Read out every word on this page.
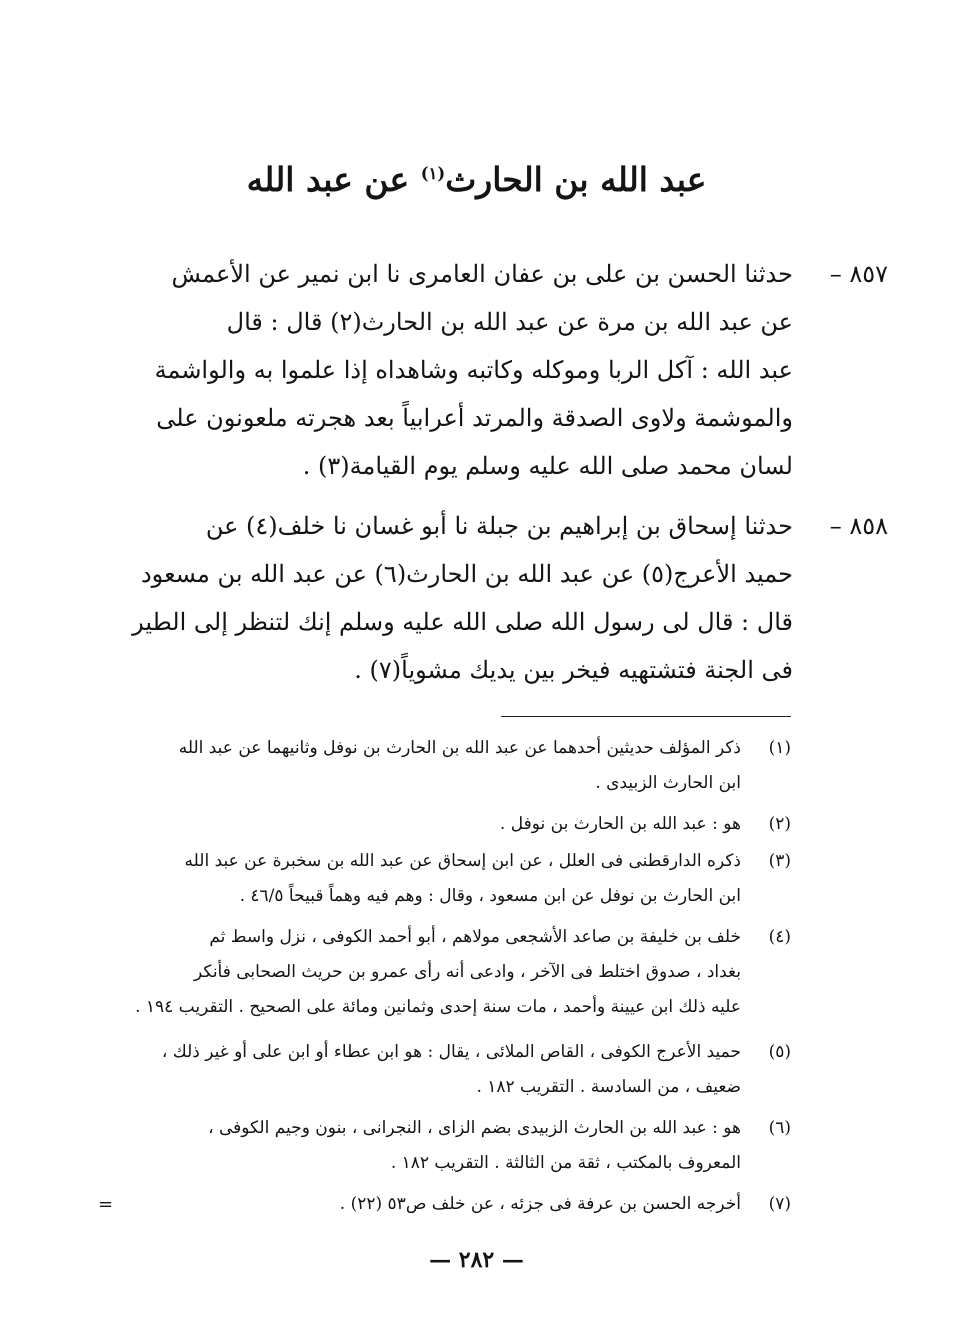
عبد الله بن الحارث$^{(١)}$ عن عبد الله
٨٥٧ –
حدثنا الحسن بن على بن عفان العامرى نا ابن نمير عن الأعمش
عن عبد الله بن مرة عن عبد الله بن الحارث(٢) قال : قال
عبد الله : آكل الربا وموكله وكاتبه وشاهداه إذا علموا به والواشمة
والموشمة ولاوى الصدقة والمرتد أعرابياً بعد هجرته ملعونون على
لسان محمد صلى الله عليه وسلم يوم القيامة(٣) .
٨٥٨ –
حدثنا إسحاق بن إبراهيم بن جبلة نا أبو غسان نا خلف(٤) عن
حميد الأعرج(٥) عن عبد الله بن الحارث(٦) عن عبد الله بن مسعود
قال : قال لى رسول الله صلى الله عليه وسلم إنك لتنظر إلى الطير
فى الجنة فتشتهيه فيخر بين يديك مشوياً(٧) .
(١)
ذكر المؤلف حديثين أحدهما عن عبد الله بن الحارث بن نوفل وثانيهما عن عبد الله
ابن الحارث الزبيدى .
(٢)
هو : عبد الله بن الحارث بن نوفل .
(٣)
ذكره الدارقطنى فى العلل ، عن ابن إسحاق عن عبد الله بن سخبرة عن عبد الله
ابن الحارث بن نوفل عن ابن مسعود ، وقال : وهم فيه وهماً قبيحاً ٤٦/٥ .
(٤)
خلف بن خليفة بن صاعد الأشجعى مولاهم ، أبو أحمد الكوفى ، نزل واسط ثم
بغداد ، صدوق اختلط فى الآخر ، وادعى أنه رأى عمرو بن حريث الصحابى فأنكر
عليه ذلك ابن عيينة وأحمد ، مات سنة إحدى وثمانين ومائة على الصحيح . التقريب ١٩٤ .
(٥)
حميد الأعرج الكوفى ، القاص الملائى ، يقال : هو ابن عطاء أو ابن على أو غير ذلك ،
ضعيف ، من السادسة . التقريب ١٨٢ .
(٦)
هو : عبد الله بن الحارث الزبيدى بضم الزاى ، النجرانى ، بنون وجيم الكوفى ،
المعروف بالمكتب ، ثقة من الثالثة . التقريب ١٨٢ .
(٧)
أخرجه الحسن بن عرفة فى جزئه ، عن خلف ص٥٣ (٢٢) .
=
— ٢٨٢ —
